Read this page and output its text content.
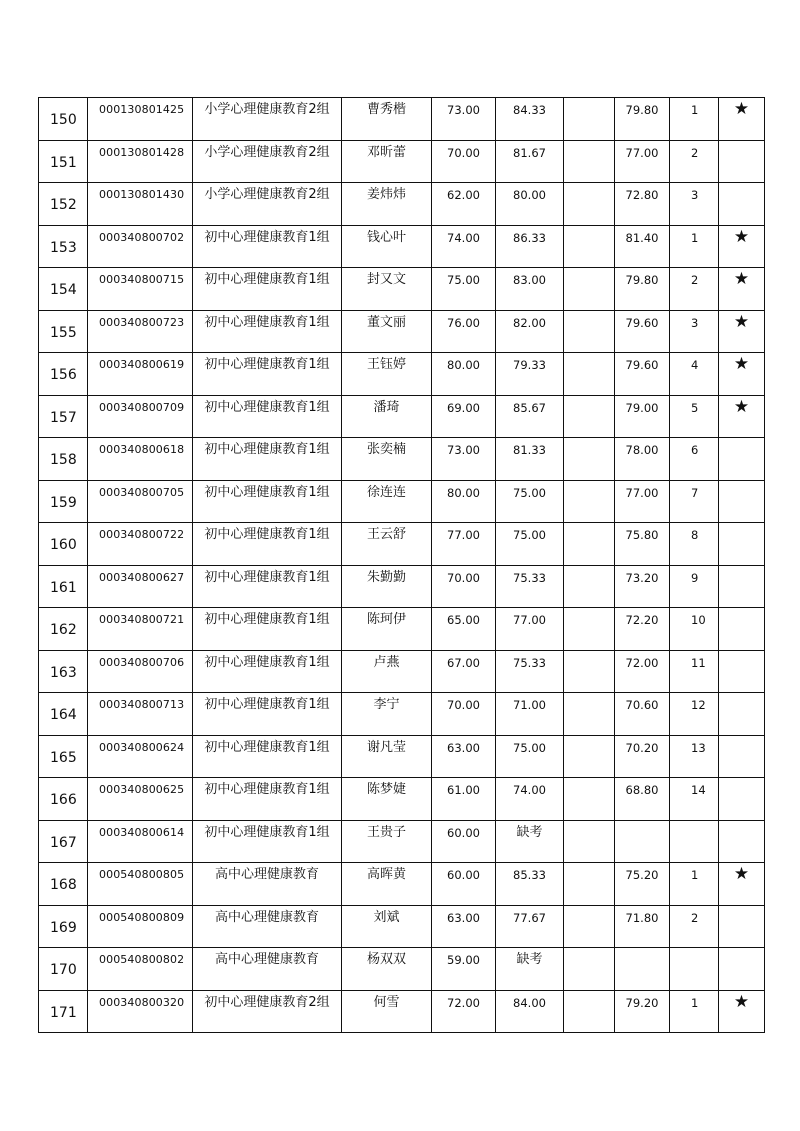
150	000130801425	小学心理健康教育2组	曹秀楷	73.00	84.33		79.80	1	★

151	000130801428	小学心理健康教育2组	邓昕蕾	70.00	81.67		77.00	2	

152	000130801430	小学心理健康教育2组	姜炜炜	62.00	80.00		72.80	3	

153	000340800702	初中心理健康教育1组	钱心叶	74.00	86.33		81.40	1	★

154	000340800715	初中心理健康教育1组	封又文	75.00	83.00		79.80	2	★

155	000340800723	初中心理健康教育1组	董文丽	76.00	82.00		79.60	3	★

156	000340800619	初中心理健康教育1组	王钰婷	80.00	79.33		79.60	4	★

157	000340800709	初中心理健康教育1组	潘琦	69.00	85.67		79.00	5	★

158	000340800618	初中心理健康教育1组	张奕楠	73.00	81.33		78.00	6	

159	000340800705	初中心理健康教育1组	徐连连	80.00	75.00		77.00	7	

160	000340800722	初中心理健康教育1组	王云舒	77.00	75.00		75.80	8	

161	000340800627	初中心理健康教育1组	朱勤勤	70.00	75.33		73.20	9	

162	000340800721	初中心理健康教育1组	陈珂伊	65.00	77.00		72.20	10	

163	000340800706	初中心理健康教育1组	卢燕	67.00	75.33		72.00	11	

164	000340800713	初中心理健康教育1组	李宁	70.00	71.00		70.60	12	

165	000340800624	初中心理健康教育1组	谢凡莹	63.00	75.00		70.20	13	

166	000340800625	初中心理健康教育1组	陈梦婕	61.00	74.00		68.80	14	

167	000340800614	初中心理健康教育1组	王贵子	60.00	缺考				

168	000540800805	高中心理健康教育	高晖黄	60.00	85.33		75.20	1	★

169	000540800809	高中心理健康教育	刘斌	63.00	77.67		71.80	2	

170	000540800802	高中心理健康教育	杨双双	59.00	缺考				

171	000340800320	初中心理健康教育2组	何雪	72.00	84.00		79.20	1	★
